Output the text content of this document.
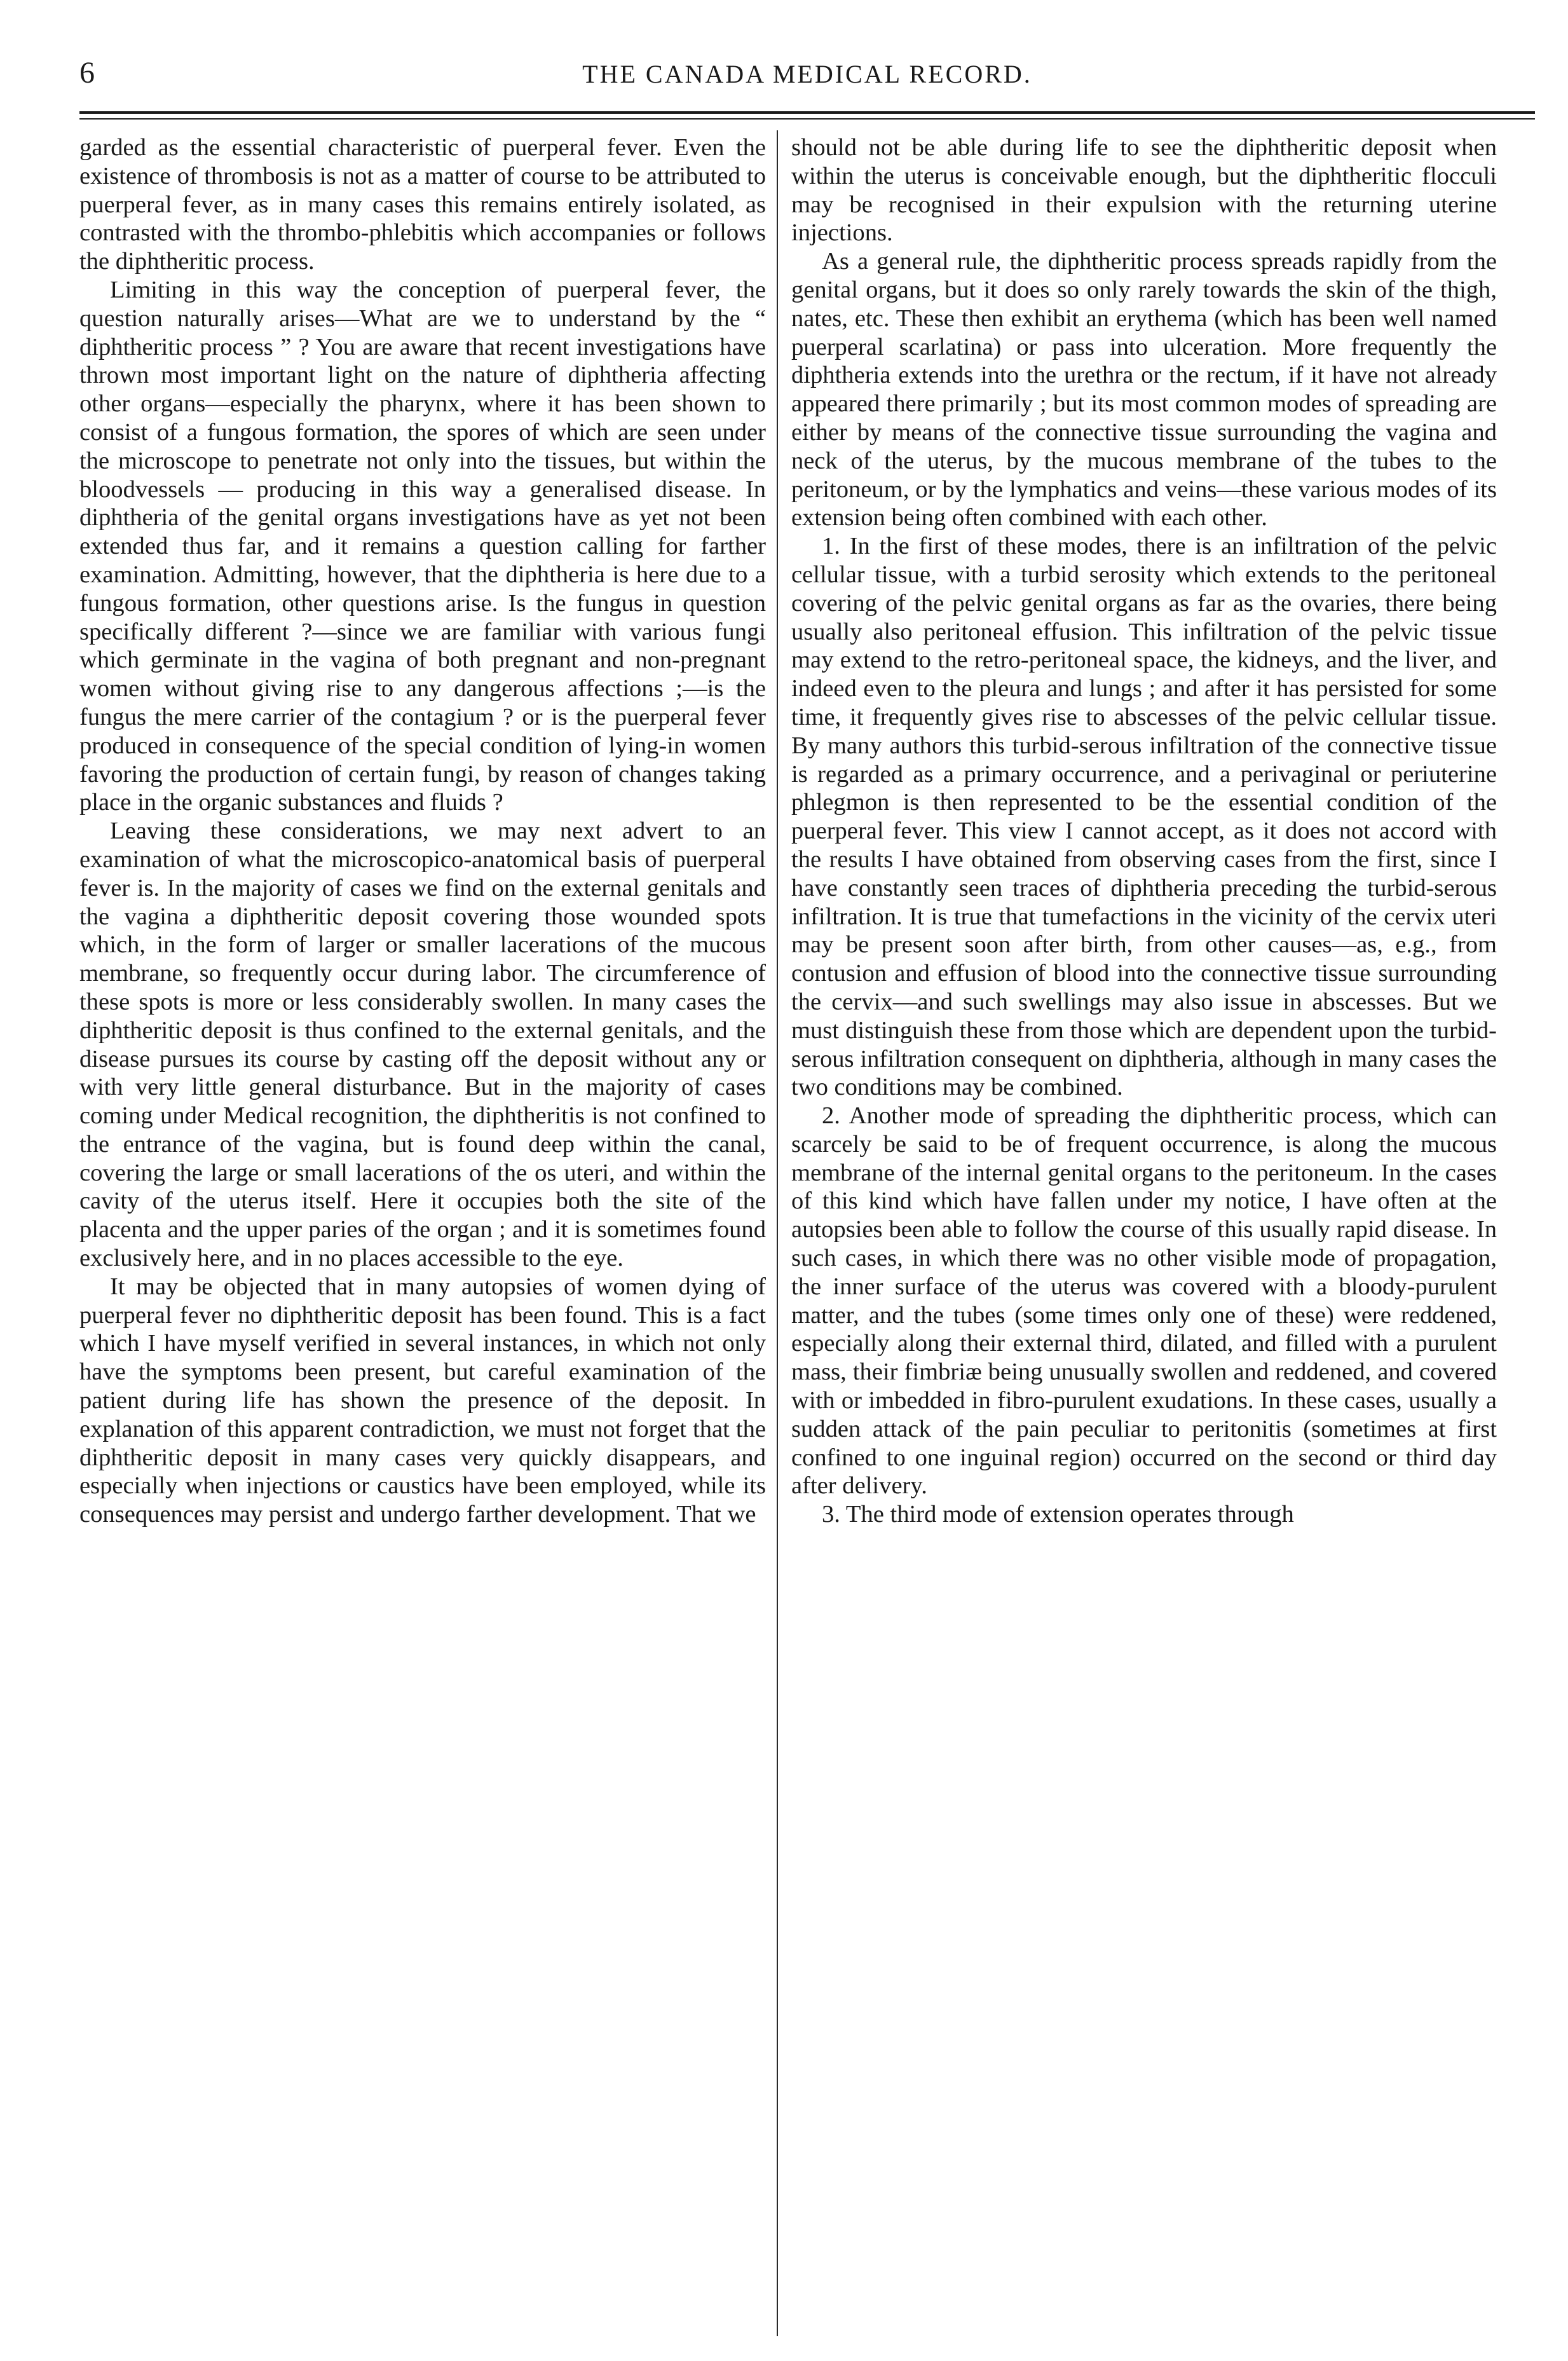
6	THE CANADA MEDICAL RECORD.

garded as the essential characteristic of puerperal fever. Even the existence of thrombosis is not as a matter of course to be attributed to puerperal fever, as in many cases this remains entirely isolated, as contrasted with the thrombo-phlebitis which accompanies or follows the diphtheritic process.

Limiting in this way the conception of puerperal fever, the question naturally arises—What are we to understand by the “ diphtheritic process ” ? You are aware that recent investigations have thrown most important light on the nature of diphtheria affecting other organs—especially the pharynx, where it has been shown to consist of a fungous formation, the spores of which are seen under the microscope to penetrate not only into the tissues, but within the bloodvessels — producing in this way a generalised disease. In diphtheria of the genital organs investigations have as yet not been extended thus far, and it remains a question calling for farther examination. Admitting, however, that the diphtheria is here due to a fungous formation, other questions arise. Is the fungus in question specifically different ?—since we are familiar with various fungi which germinate in the vagina of both pregnant and non-pregnant women without giving rise to any dangerous affections ;—is the fungus the mere carrier of the contagium ? or is the puerperal fever produced in consequence of the special condition of lying-in women favoring the production of certain fungi, by reason of changes taking place in the organic substances and fluids ?

Leaving these considerations, we may next advert to an examination of what the microscopico-anatomical basis of puerperal fever is. In the majority of cases we find on the external genitals and the vagina a diphtheritic deposit covering those wounded spots which, in the form of larger or smaller lacerations of the mucous membrane, so frequently occur during labor. The circumference of these spots is more or less considerably swollen. In many cases the diphtheritic deposit is thus confined to the external genitals, and the disease pursues its course by casting off the deposit without any or with very little general disturbance. But in the majority of cases coming under Medical recognition, the diphtheritis is not confined to the entrance of the vagina, but is found deep within the canal, covering the large or small lacerations of the os uteri, and within the cavity of the uterus itself. Here it occupies both the site of the placenta and the upper paries of the organ ; and it is sometimes found exclusively here, and in no places accessible to the eye.

It may be objected that in many autopsies of women dying of puerperal fever no diphtheritic deposit has been found. This is a fact which I have myself verified in several instances, in which not only have the symptoms been present, but careful examination of the patient during life has shown the presence of the deposit. In explanation of this apparent contradiction, we must not forget that the diphtheritic deposit in many cases very quickly disappears, and especially when injections or caustics have been employed, while its consequences may persist and undergo farther development. That we

should not be able during life to see the diphtheritic deposit when within the uterus is conceivable enough, but the diphtheritic flocculi may be recognised in their expulsion with the returning uterine injections.

As a general rule, the diphtheritic process spreads rapidly from the genital organs, but it does so only rarely towards the skin of the thigh, nates, etc. These then exhibit an erythema (which has been well named puerperal scarlatina) or pass into ulceration. More frequently the diphtheria extends into the urethra or the rectum, if it have not already appeared there primarily ; but its most common modes of spreading are either by means of the connective tissue surrounding the vagina and neck of the uterus, by the mucous membrane of the tubes to the peritoneum, or by the lymphatics and veins—these various modes of its extension being often combined with each other.

1. In the first of these modes, there is an infiltration of the pelvic cellular tissue, with a turbid serosity which extends to the peritoneal covering of the pelvic genital organs as far as the ovaries, there being usually also peritoneal effusion. This infiltration of the pelvic tissue may extend to the retro-peritoneal space, the kidneys, and the liver, and indeed even to the pleura and lungs ; and after it has persisted for some time, it frequently gives rise to abscesses of the pelvic cellular tissue. By many authors this turbid-serous infiltration of the connective tissue is regarded as a primary occurrence, and a perivaginal or periuterine phlegmon is then represented to be the essential condition of the puerperal fever. This view I cannot accept, as it does not accord with the results I have obtained from observing cases from the first, since I have constantly seen traces of diphtheria preceding the turbid-serous infiltration. It is true that tumefactions in the vicinity of the cervix uteri may be present soon after birth, from other causes—as, e.g., from contusion and effusion of blood into the connective tissue surrounding the cervix—and such swellings may also issue in abscesses. But we must distinguish these from those which are dependent upon the turbid-serous infiltration consequent on diphtheria, although in many cases the two conditions may be combined.

2. Another mode of spreading the diphtheritic process, which can scarcely be said to be of frequent occurrence, is along the mucous membrane of the internal genital organs to the peritoneum. In the cases of this kind which have fallen under my notice, I have often at the autopsies been able to follow the course of this usually rapid disease. In such cases, in which there was no other visible mode of propagation, the inner surface of the uterus was covered with a bloody-purulent matter, and the tubes (some times only one of these) were reddened, especially along their external third, dilated, and filled with a purulent mass, their fimbriæ being unusually swollen and reddened, and covered with or imbedded in fibro-purulent exudations. In these cases, usually a sudden attack of the pain peculiar to peritonitis (sometimes at first confined to one inguinal region) occurred on the second or third day after delivery.

3. The third mode of extension operates through
